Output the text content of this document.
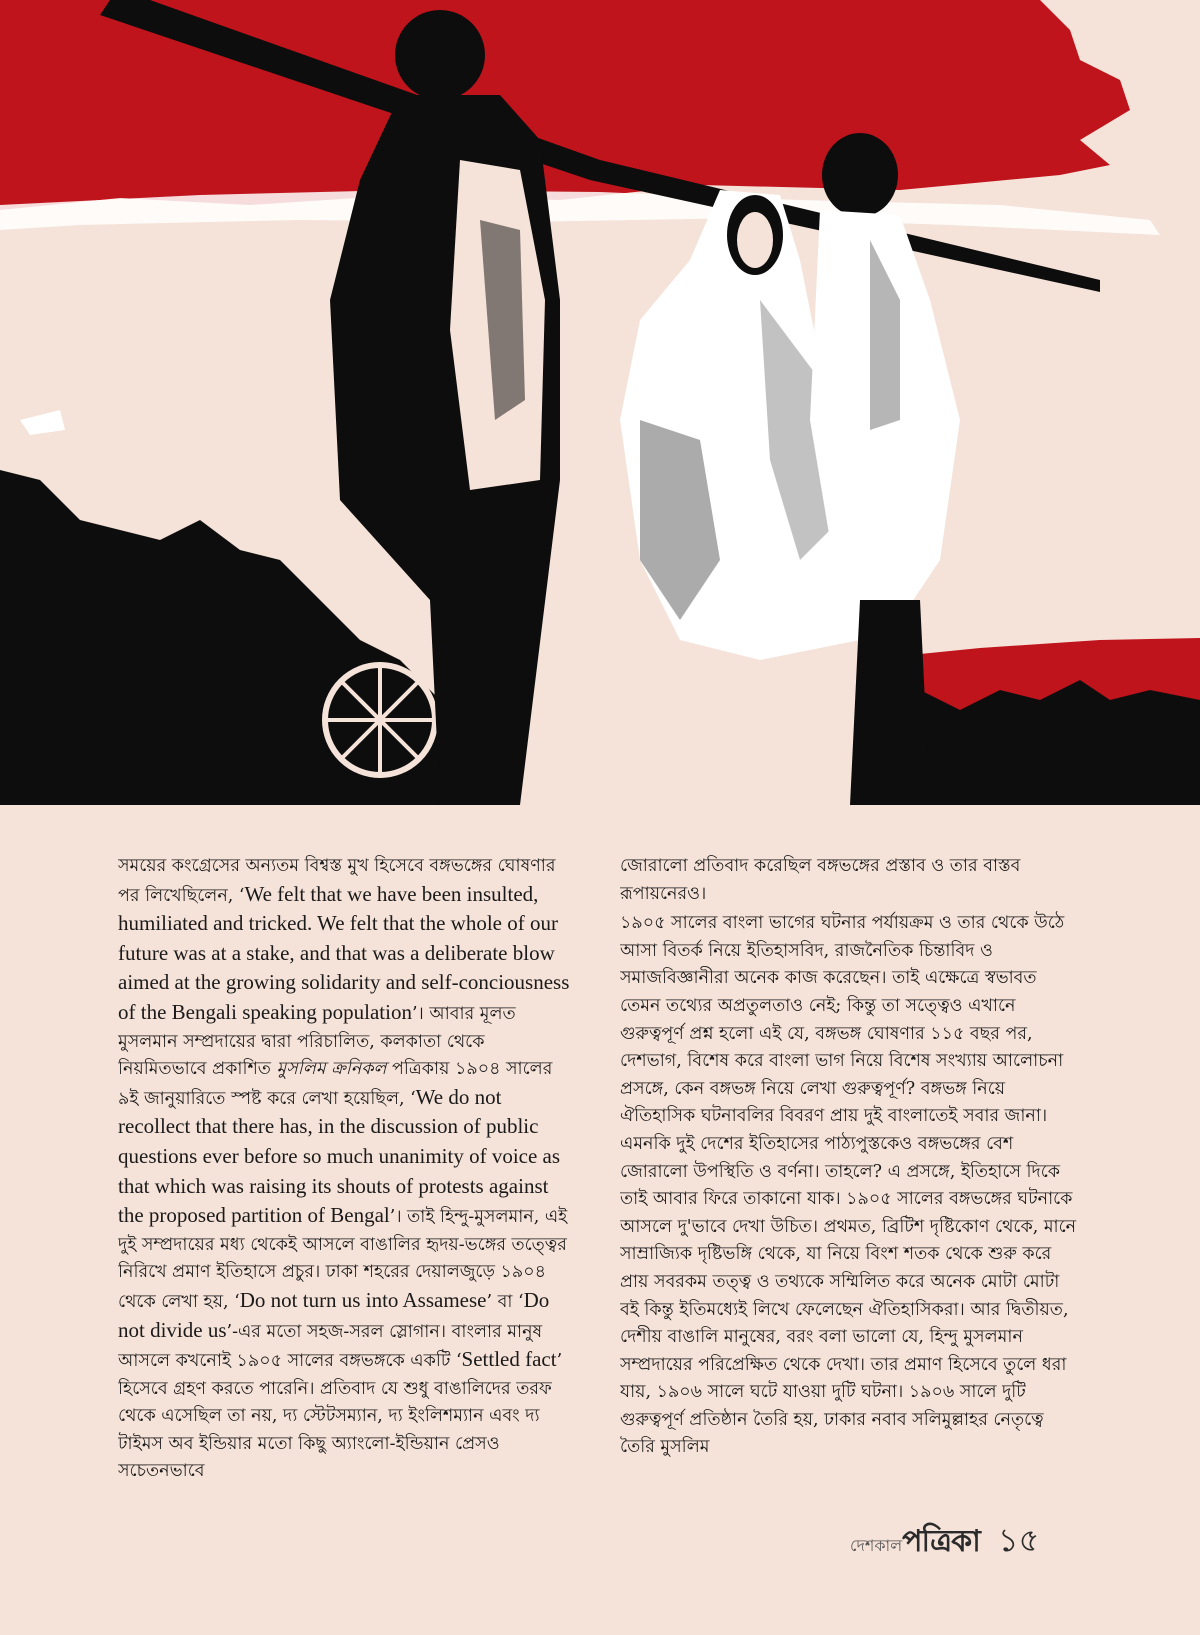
সময়ের কংগ্রেসের অন্যতম বিশ্বস্ত মুখ হিসেবে বঙ্গভঙ্গের ঘোষণার পর লিখেছিলেন, ‘We felt that we have been insulted, humiliated and tricked. We felt that the whole of our future was at a stake, and that was a deliberate blow aimed at the growing solidarity and self-conciousness of the Bengali speaking population’। আবার মূলত মুসলমান সম্প্রদায়ের দ্বারা পরিচালিত, কলকাতা থেকে নিয়মিতভাবে প্রকাশিত মুসলিম ক্রনিকল পত্রিকায় ১৯০৪ সালের ৯ই জানুয়ারিতে স্পষ্ট করে লেখা হয়েছিল, ‘We do not recollect that there has, in the discussion of public questions ever before so much unanimity of voice as that which was raising its shouts of protests against the proposed partition of Bengal’। তাই হিন্দু-মুসলমান, এই দুই সম্প্রদায়ের মধ্য থেকেই আসলে বাঙালির হৃদয়-ভঙ্গের তত্ত্বের নিরিখে প্রমাণ ইতিহাসে প্রচুর। ঢাকা শহরের দেয়ালজুড়ে ১৯০৪ থেকে লেখা হয়, ‘Do not turn us into Assamese’ বা ‘Do not divide us’-এর মতো সহজ-সরল স্লোগান। বাংলার মানুষ আসলে কখনোই ১৯০৫ সালের বঙ্গভঙ্গকে একটি ‘Settled fact’ হিসেবে গ্রহণ করতে পারেনি। প্রতিবাদ যে শুধু বাঙালিদের তরফ থেকে এসেছিল তা নয়, দ্য স্টেটসম্যান, দ্য ইংলিশম্যান এবং দ্য টাইমস অব ইন্ডিয়ার মতো কিছু অ্যাংলো-ইন্ডিয়ান প্রেসও সচেতনভাবে

জোরালো প্রতিবাদ করেছিল বঙ্গভঙ্গের প্রস্তাব ও তার বাস্তব রূপায়নেরও।

১৯০৫ সালের বাংলা ভাগের ঘটনার পর্যায়ক্রম ও তার থেকে উঠে আসা বিতর্ক নিয়ে ইতিহাসবিদ, রাজনৈতিক চিন্তাবিদ ও সমাজবিজ্ঞানীরা অনেক কাজ করেছেন। তাই এক্ষেত্রে স্বভাবত তেমন তথ্যের অপ্রতুলতাও নেই; কিন্তু তা সত্ত্বেও এখানে গুরুত্বপূর্ণ প্রশ্ন হলো এই যে, বঙ্গভঙ্গ ঘোষণার ১১৫ বছর পর, দেশভাগ, বিশেষ করে বাংলা ভাগ নিয়ে বিশেষ সংখ্যায় আলোচনা প্রসঙ্গে, কেন বঙ্গভঙ্গ নিয়ে লেখা গুরুত্বপূর্ণ? বঙ্গভঙ্গ নিয়ে ঐতিহাসিক ঘটনাবলির বিবরণ প্রায় দুই বাংলাতেই সবার জানা। এমনকি দুই দেশের ইতিহাসের পাঠ্যপুস্তকেও বঙ্গভঙ্গের বেশ জোরালো উপস্থিতি ও বর্ণনা। তাহলে? এ প্রসঙ্গে, ইতিহাসে দিকে তাই আবার ফিরে তাকানো যাক। ১৯০৫ সালের বঙ্গভঙ্গের ঘটনাকে আসলে দু'ভাবে দেখা উচিত। প্রথমত, ব্রিটিশ দৃষ্টিকোণ থেকে, মানে সাম্রাজ্যিক দৃষ্টিভঙ্গি থেকে, যা নিয়ে বিংশ শতক থেকে শুরু করে প্রায় সবরকম তত্ত্ব ও তথ্যকে সম্মিলিত করে অনেক মোটা মোটা বই কিন্তু ইতিমধ্যেই লিখে ফেলেছেন ঐতিহাসিকরা। আর দ্বিতীয়ত, দেশীয় বাঙালি মানুষের, বরং বলা ভালো যে, হিন্দু মুসলমান সম্প্রদায়ের পরিপ্রেক্ষিত থেকে দেখা। তার প্রমাণ হিসেবে তুলে ধরা যায়, ১৯০৬ সালে ঘটে যাওয়া দুটি ঘটনা। ১৯০৬ সালে দুটি গুরুত্বপূর্ণ প্রতিষ্ঠান তৈরি হয়, ঢাকার নবাব সলিমুল্লাহর নেতৃত্বে তৈরি মুসলিম

দেশকাল পত্রিকা ১৫
